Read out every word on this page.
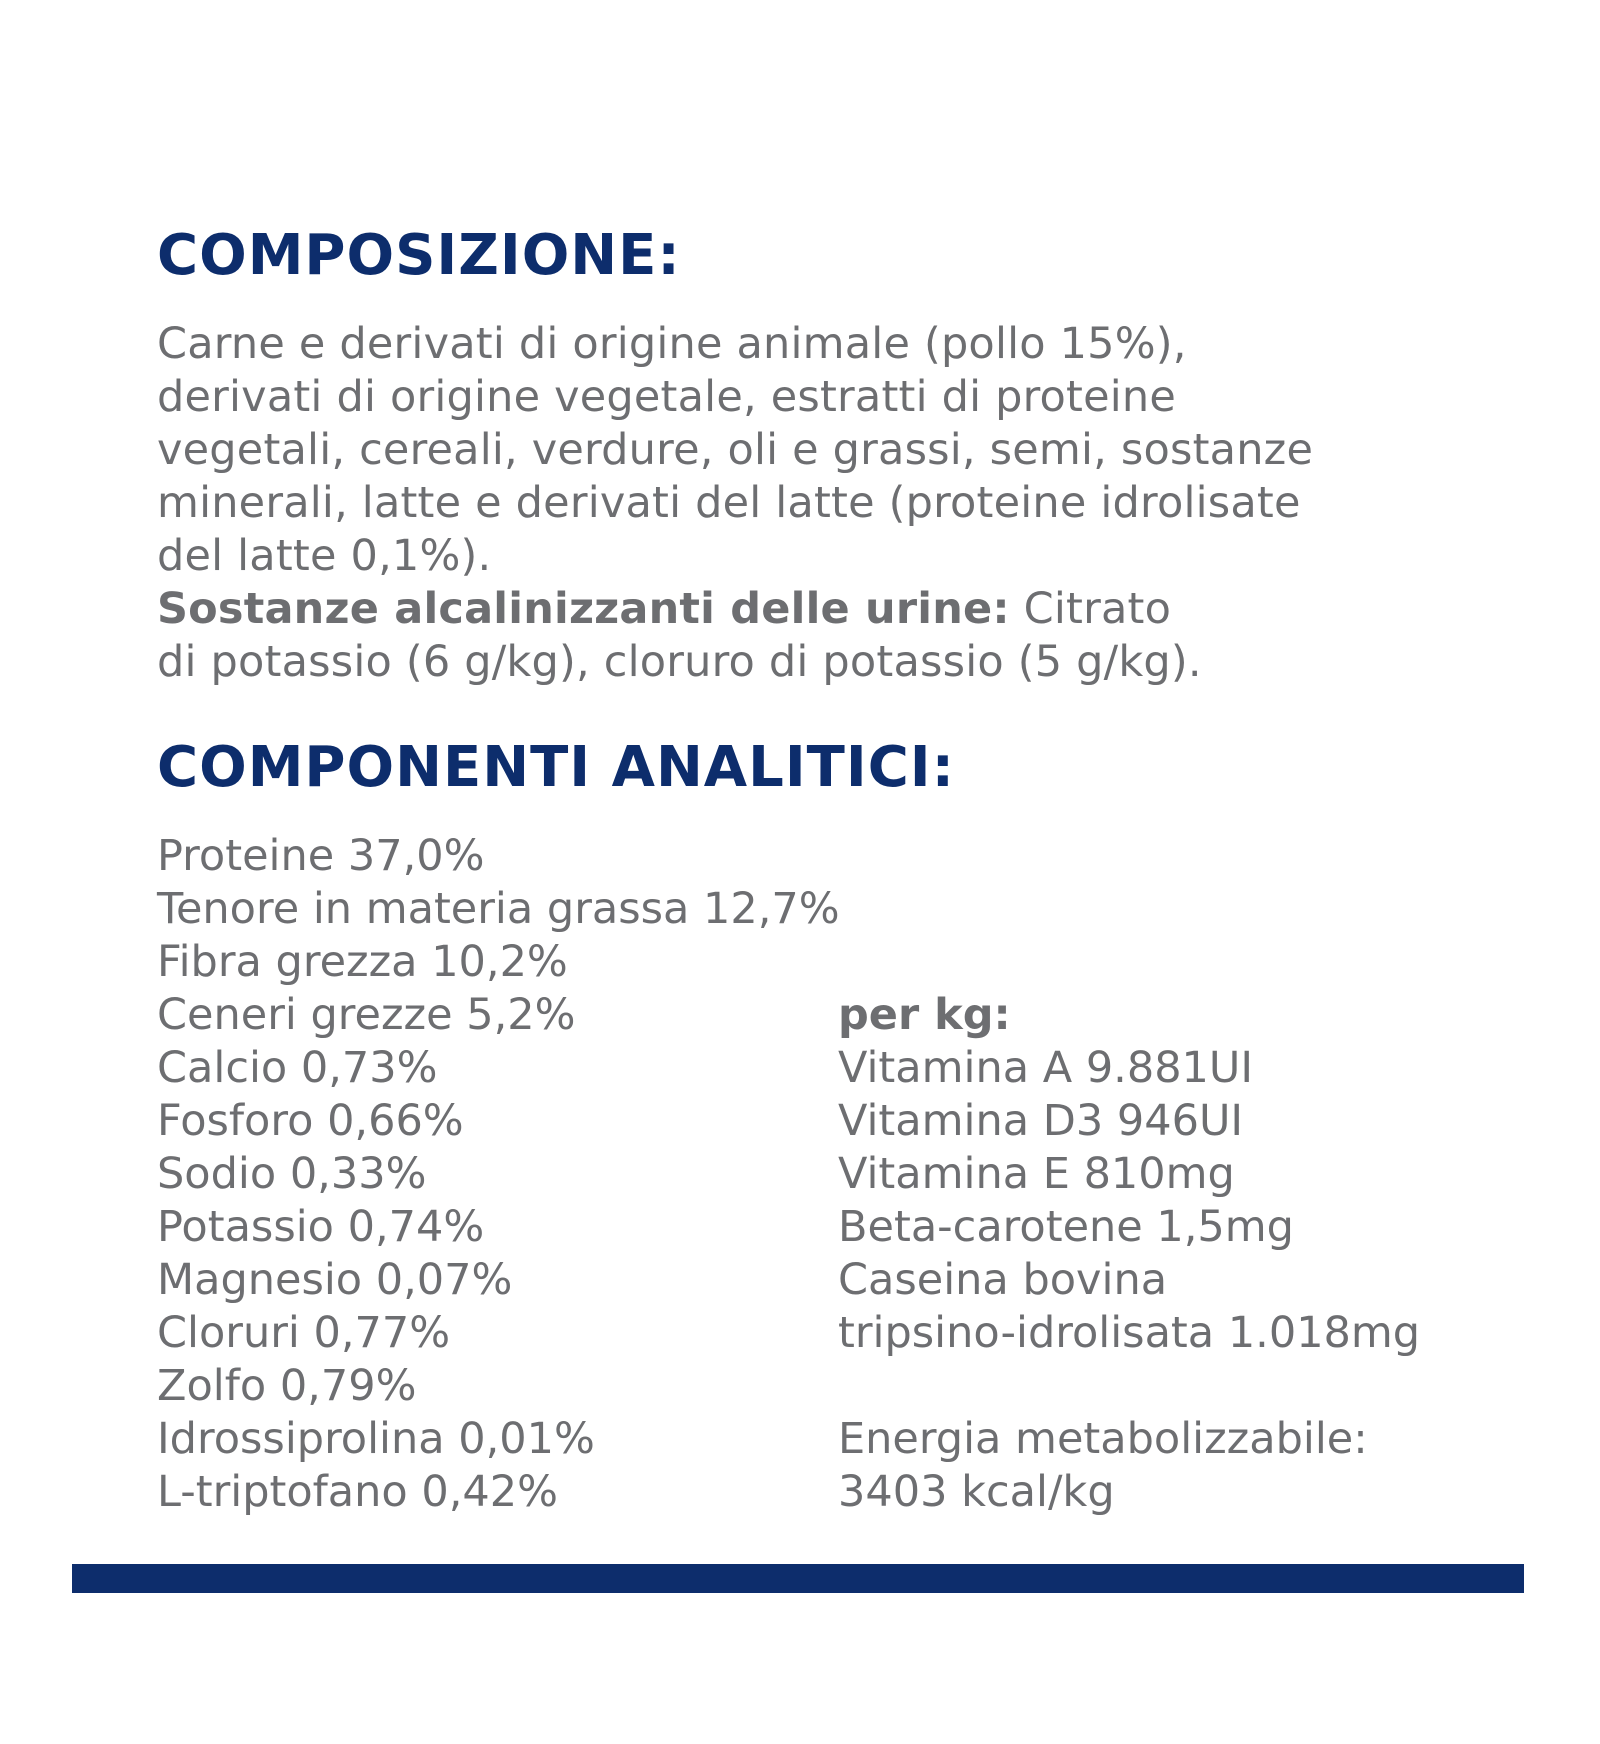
COMPOSIZIONE:
Carne e derivati di origine animale (pollo 15%),
derivati di origine vegetale, estratti di proteine
vegetali, cereali, verdure, oli e grassi, semi, sostanze
minerali, latte e derivati del latte (proteine idrolisate
del latte 0,1%).
Sostanze alcalinizzanti delle urine: Citrato
di potassio (6 g/kg), cloruro di potassio (5 g/kg).
COMPONENTI ANALITICI:
Proteine 37,0%
Tenore in materia grassa 12,7%
Fibra grezza 10,2%
Ceneri grezze 5,2%
Calcio 0,73%
Fosforo 0,66%
Sodio 0,33%
Potassio 0,74%
Magnesio 0,07%
Cloruri 0,77%
Zolfo 0,79%
Idrossiprolina 0,01%
L-triptofano 0,42%
per kg:
Vitamina A 9.881UI
Vitamina D3 946UI
Vitamina E 810mg
Beta-carotene 1,5mg
Caseina bovina
tripsino-idrolisata 1.018mg
Energia metabolizzabile:
3403 kcal/kg
